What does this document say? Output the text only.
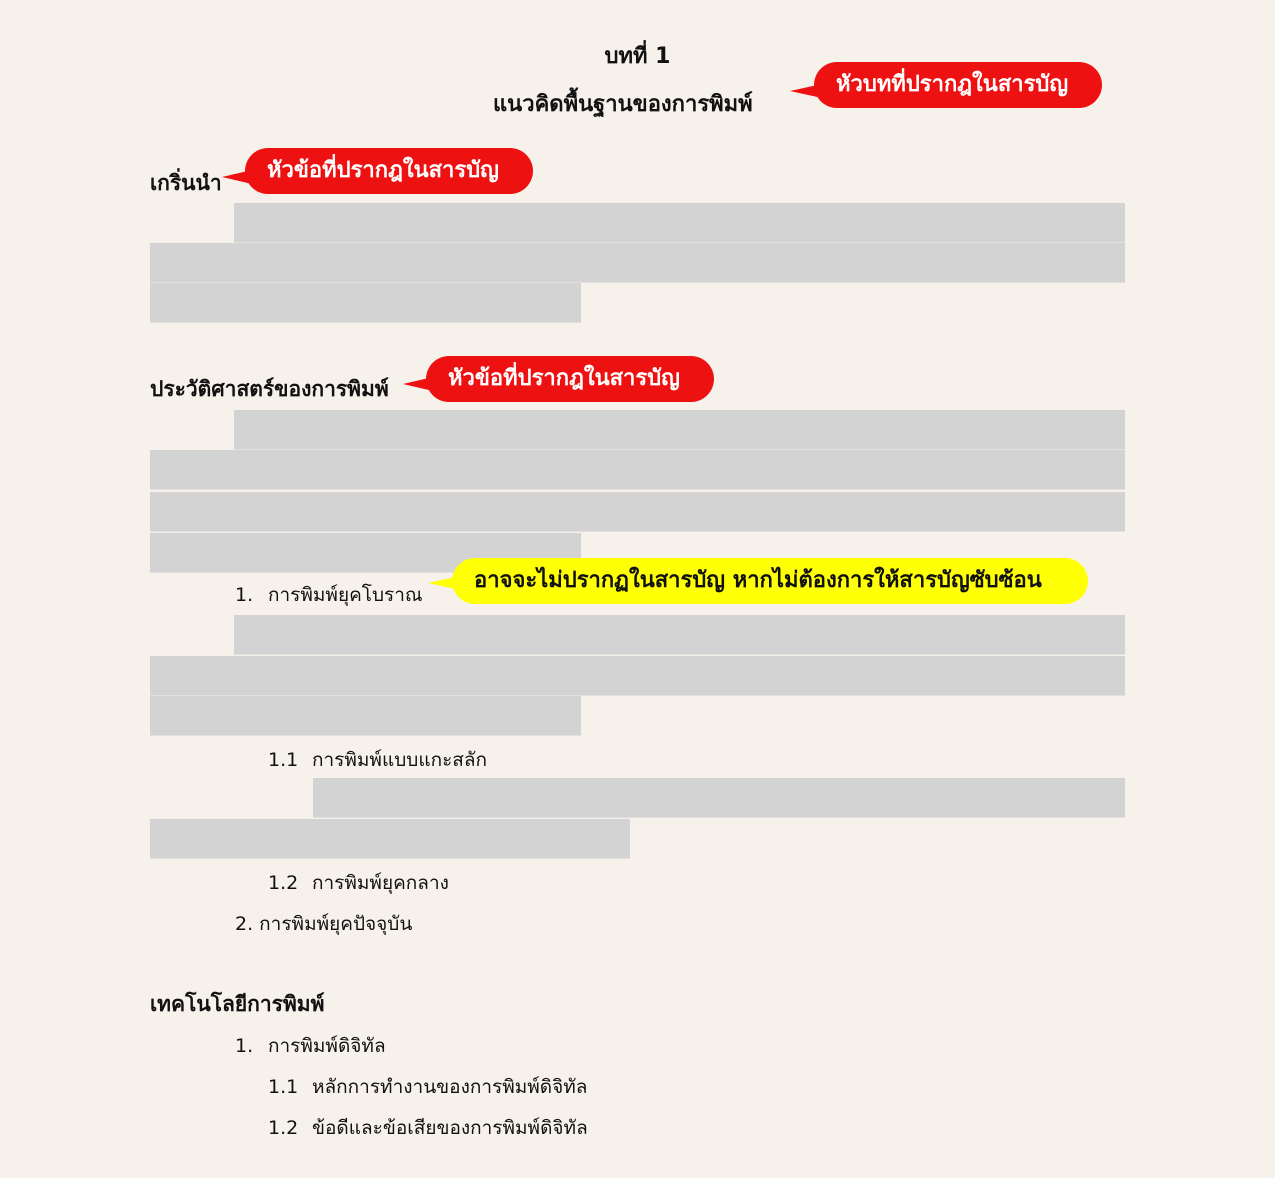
บทที่ 1
แนวคิดพื้นฐานของการพิมพ์
หัวบทที่ปรากฎในสารบัญ
เกริ่นนำ	หัวข้อที่ปรากฎในสารบัญ
ประวัติศาสตร์ของการพิมพ์	หัวข้อที่ปรากฎในสารบัญ
1. การพิมพ์ยุคโบราณ
อาจจะไม่ปรากฏในสารบัญ หากไม่ต้องการให้สารบัญซับซ้อน
1.1 การพิมพ์แบบแกะสลัก
1.2 การพิมพ์ยุคกลาง
2. การพิมพ์ยุคปัจจุบัน
เทคโนโลยีการพิมพ์
1. การพิมพ์ดิจิทัล
1.1 หลักการทำงานของการพิมพ์ดิจิทัล
1.2 ข้อดีและข้อเสียของการพิมพ์ดิจิทัล
